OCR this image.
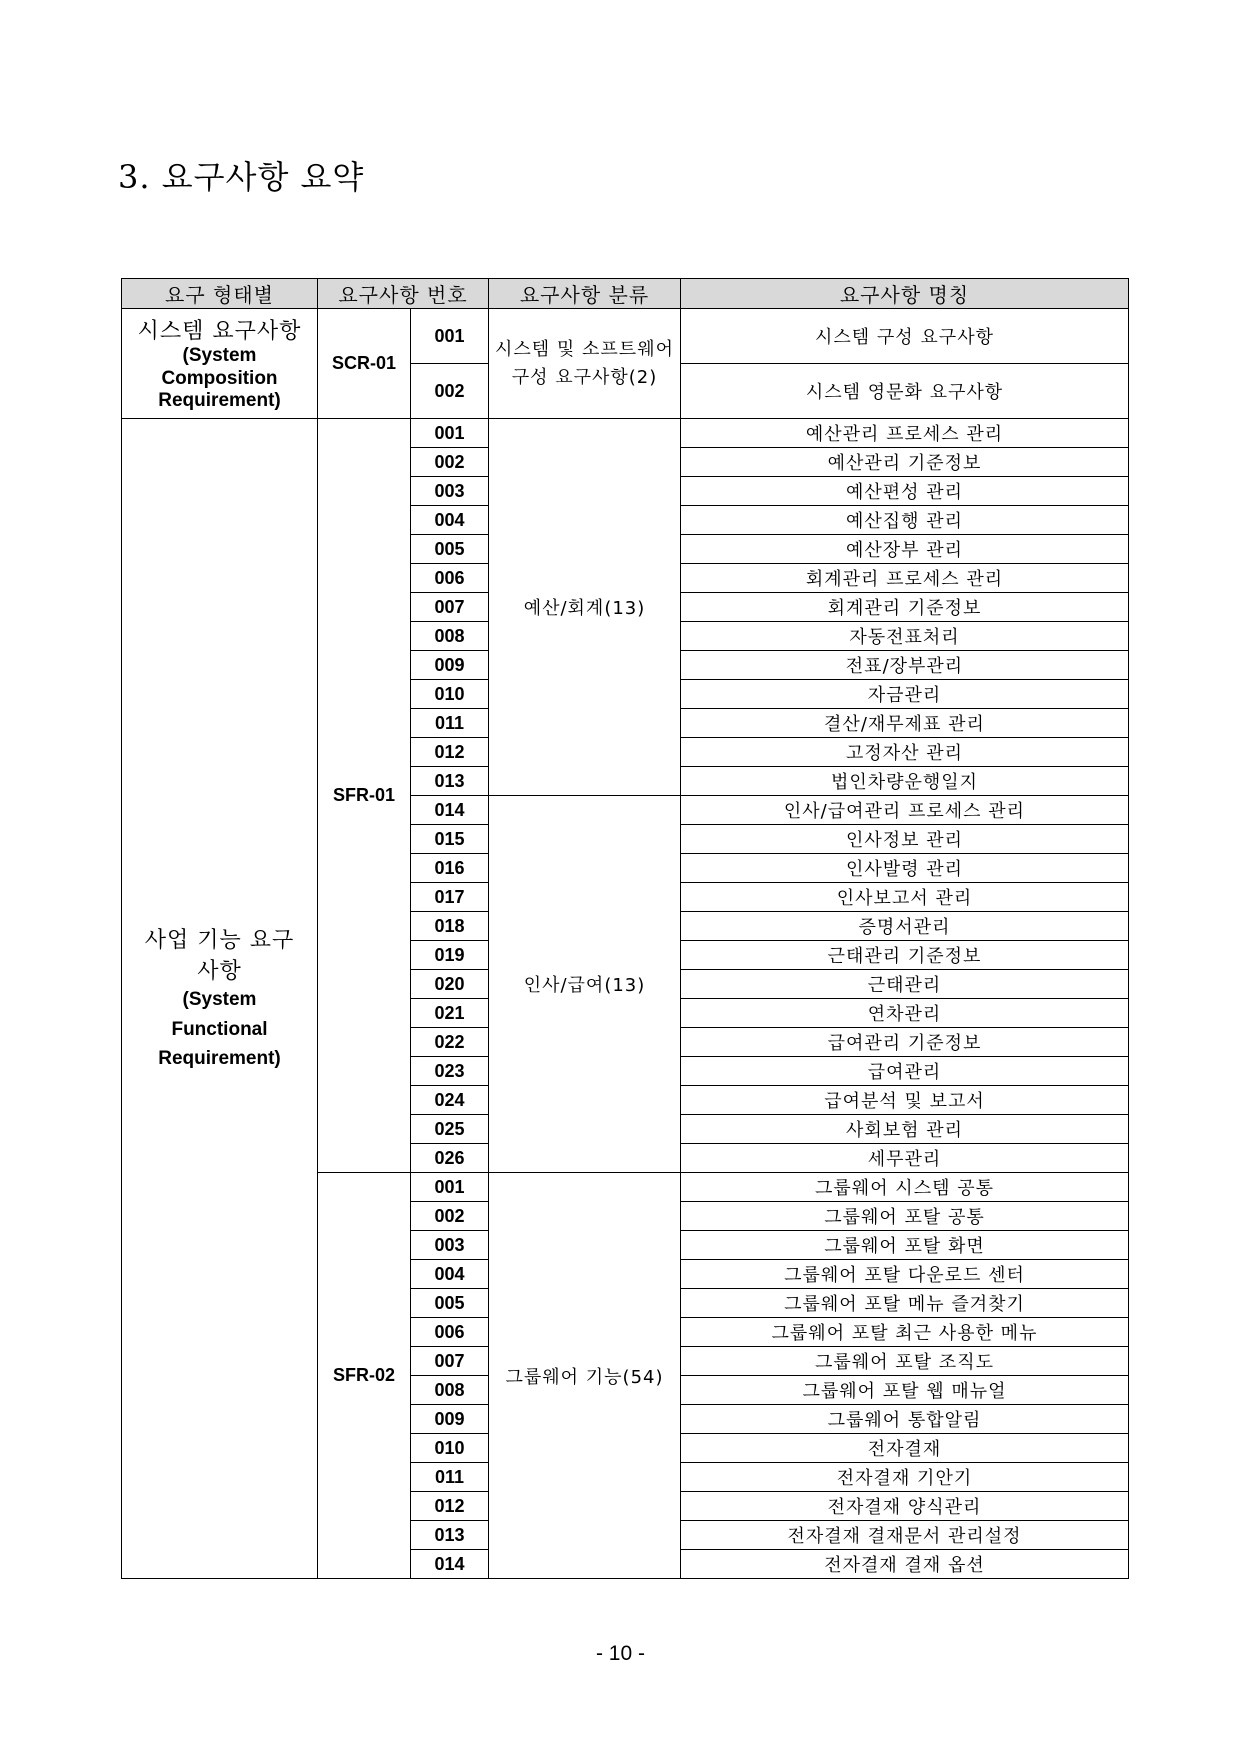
3. 요구사항 요약
요구 형태별	요구사항 번호		요구사항 분류	요구사항 명칭

시스템 요구사항
(System
Composition
Requirement)	SCR-01	001	시스템 및 소프트웨어 구성 요구사항(2)	시스템 구성 요구사항
		002		시스템 영문화 요구사항

사업 기능 요구
사항
(System
Functional
Requirement)	SFR-01	001	예산/회계(13)	예산관리 프로세스 관리
		002		예산관리 기준정보
		003		예산편성 관리
		004		예산집행 관리
		005		예산장부 관리
		006		회계관리 프로세스 관리
		007		회계관리 기준정보
		008		자동전표처리
		009		전표/장부관리
		010		자금관리
		011		결산/재무제표 관리
		012		고정자산 관리
		013		법인차량운행일지
		014	인사/급여(13)	인사/급여관리 프로세스 관리
		015		인사정보 관리
		016		인사발령 관리
		017		인사보고서 관리
		018		증명서관리
		019		근태관리 기준정보
		020		근태관리
		021		연차관리
		022		급여관리 기준정보
		023		급여관리
		024		급여분석 및 보고서
		025		사회보험 관리
		026		세무관리
	SFR-02	001	그룹웨어 기능(54)	그룹웨어 시스템 공통
		002		그룹웨어 포탈 공통
		003		그룹웨어 포탈 화면
		004		그룹웨어 포탈 다운로드 센터
		005		그룹웨어 포탈 메뉴 즐겨찾기
		006		그룹웨어 포탈 최근 사용한 메뉴
		007		그룹웨어 포탈 조직도
		008		그룹웨어 포탈 웹 매뉴얼
		009		그룹웨어 통합알림
		010		전자결재
		011		전자결재 기안기
		012		전자결재 양식관리
		013		전자결재 결재문서 관리설정
		014		전자결재 결재 옵션
- 10 -
